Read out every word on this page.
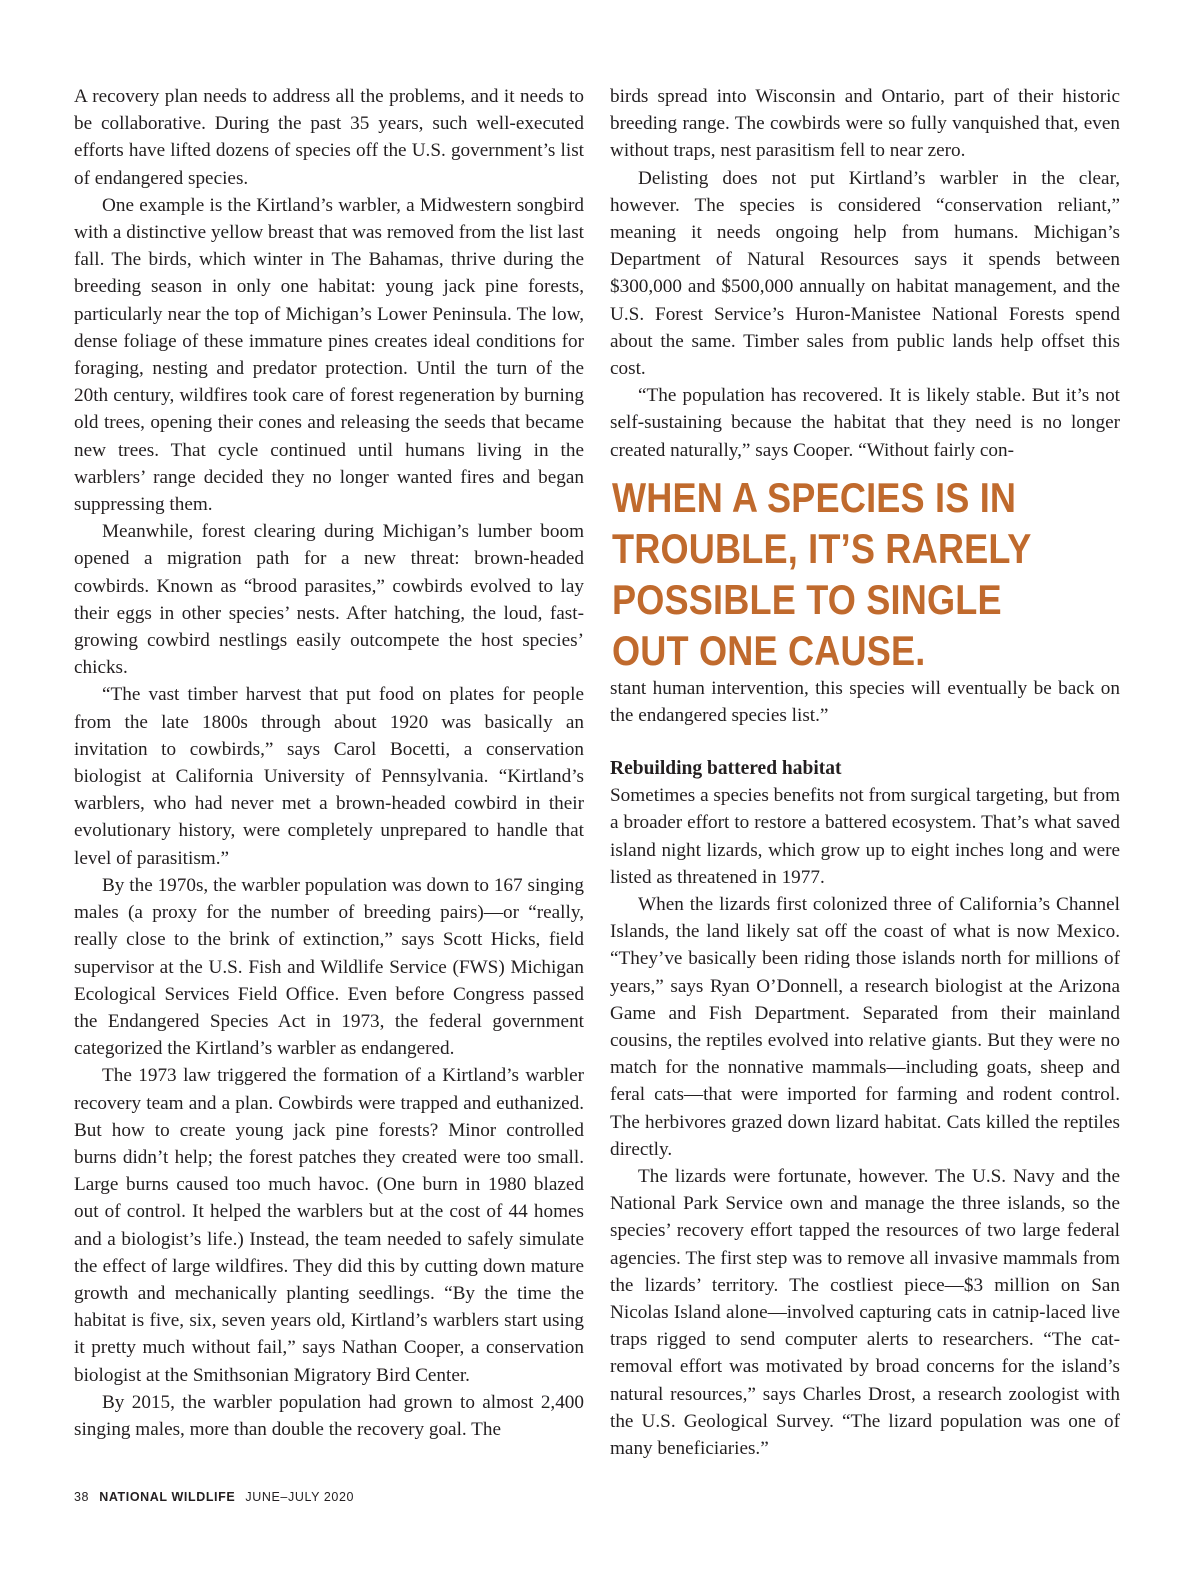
A recovery plan needs to address all the problems, and it needs to be collaborative. During the past 35 years, such well-executed efforts have lifted dozens of species off the U.S. government’s list of endangered species.

One example is the Kirtland’s warbler, a Midwestern songbird with a distinctive yellow breast that was removed from the list last fall. The birds, which winter in The Bahamas, thrive during the breeding season in only one habitat: young jack pine forests, particularly near the top of Michigan’s Lower Peninsula. The low, dense foliage of these immature pines creates ideal conditions for foraging, nesting and predator protection. Until the turn of the 20th century, wildfires took care of forest regeneration by burning old trees, opening their cones and releasing the seeds that became new trees. That cycle continued until humans living in the warblers’ range decided they no longer wanted fires and began suppressing them.

Meanwhile, forest clearing during Michigan’s lumber boom opened a migration path for a new threat: brown-headed cowbirds. Known as “brood parasites,” cowbirds evolved to lay their eggs in other species’ nests. After hatching, the loud, fast-growing cowbird nestlings easily outcompete the host species’ chicks.

“The vast timber harvest that put food on plates for people from the late 1800s through about 1920 was basically an invitation to cowbirds,” says Carol Bocetti, a conservation biologist at California University of Pennsylvania. “Kirtland’s warblers, who had never met a brown-headed cowbird in their evolutionary history, were completely unprepared to handle that level of parasitism.”

By the 1970s, the warbler population was down to 167 singing males (a proxy for the number of breeding pairs)—or “really, really close to the brink of extinction,” says Scott Hicks, field supervisor at the U.S. Fish and Wildlife Service (FWS) Michigan Ecological Services Field Office. Even before Congress passed the Endangered Species Act in 1973, the federal government categorized the Kirtland’s warbler as endangered.

The 1973 law triggered the formation of a Kirtland’s warbler recovery team and a plan. Cowbirds were trapped and euthanized. But how to create young jack pine forests? Minor controlled burns didn’t help; the forest patches they created were too small. Large burns caused too much havoc. (One burn in 1980 blazed out of control. It helped the warblers but at the cost of 44 homes and a biologist’s life.) Instead, the team needed to safely simulate the effect of large wildfires. They did this by cutting down mature growth and mechanically planting seedlings. “By the time the habitat is five, six, seven years old, Kirtland’s warblers start using it pretty much without fail,” says Nathan Cooper, a conservation biologist at the Smithsonian Migratory Bird Center.

By 2015, the warbler population had grown to almost 2,400 singing males, more than double the recovery goal. The

birds spread into Wisconsin and Ontario, part of their historic breeding range. The cowbirds were so fully vanquished that, even without traps, nest parasitism fell to near zero.

Delisting does not put Kirtland’s warbler in the clear, however. The species is considered “conservation reliant,” meaning it needs ongoing help from humans. Michigan’s Department of Natural Resources says it spends between $300,000 and $500,000 annually on habitat management, and the U.S. Forest Service’s Huron-Manistee National Forests spend about the same. Timber sales from public lands help offset this cost.

“The population has recovered. It is likely stable. But it’s not self-sustaining because the habitat that they need is no longer created naturally,” says Cooper. “Without fairly con-

WHEN A SPECIES IS IN TROUBLE, IT’S RARELY POSSIBLE TO SINGLE OUT ONE CAUSE.

stant human intervention, this species will eventually be back on the endangered species list.”

Rebuilding battered habitat

Sometimes a species benefits not from surgical targeting, but from a broader effort to restore a battered ecosystem. That’s what saved island night lizards, which grow up to eight inches long and were listed as threatened in 1977.

When the lizards first colonized three of California’s Channel Islands, the land likely sat off the coast of what is now Mexico. “They’ve basically been riding those islands north for millions of years,” says Ryan O’Donnell, a research biologist at the Arizona Game and Fish Department. Separated from their mainland cousins, the reptiles evolved into relative giants. But they were no match for the nonnative mammals—including goats, sheep and feral cats—that were imported for farming and rodent control. The herbivores grazed down lizard habitat. Cats killed the reptiles directly.

The lizards were fortunate, however. The U.S. Navy and the National Park Service own and manage the three islands, so the species’ recovery effort tapped the resources of two large federal agencies. The first step was to remove all invasive mammals from the lizards’ territory. The costliest piece—$3 million on San Nicolas Island alone—involved capturing cats in catnip-laced live traps rigged to send computer alerts to researchers. “The cat-removal effort was motivated by broad concerns for the island’s natural resources,” says Charles Drost, a research zoologist with the U.S. Geological Survey. “The lizard population was one of many beneficiaries.”

38 NATIONAL WILDLIFE JUNE–JULY 2020
